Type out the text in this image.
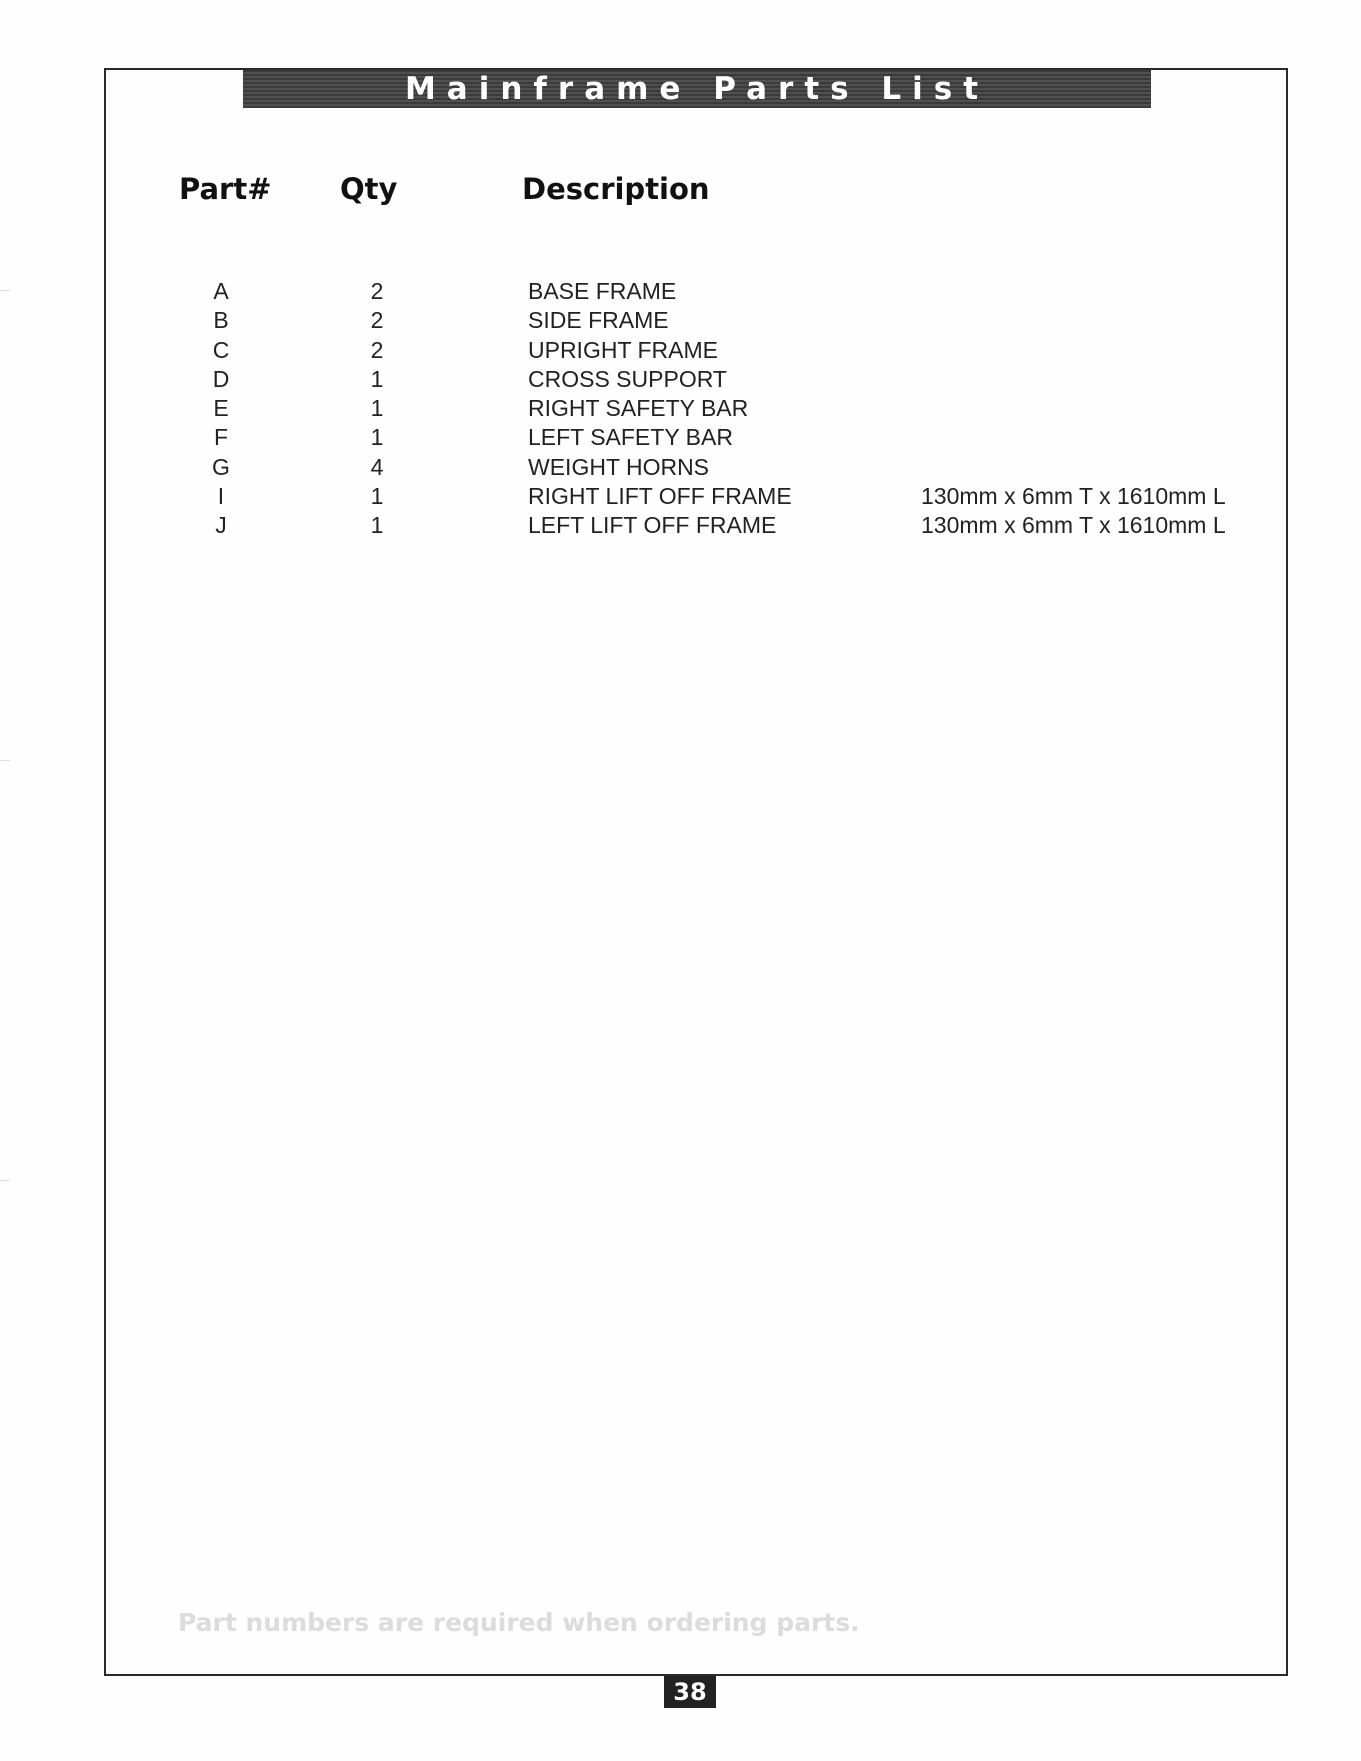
Mainframe Parts List
Part# Qty	Description
A	2	BASE FRAME
B	2	SIDE FRAME
C	2	UPRIGHT FRAME
D	1	CROSS SUPPORT
E	1	RIGHT SAFETY BAR
F	1	LEFT SAFETY BAR
G	4	WEIGHT HORNS
I	1	RIGHT LIFT OFF FRAME	130mm x 6mm T x 1610mm L
J	1	LEFT LIFT OFF FRAME	130mm x 6mm T x 1610mm L
Part numbers are required when ordering parts.
38
